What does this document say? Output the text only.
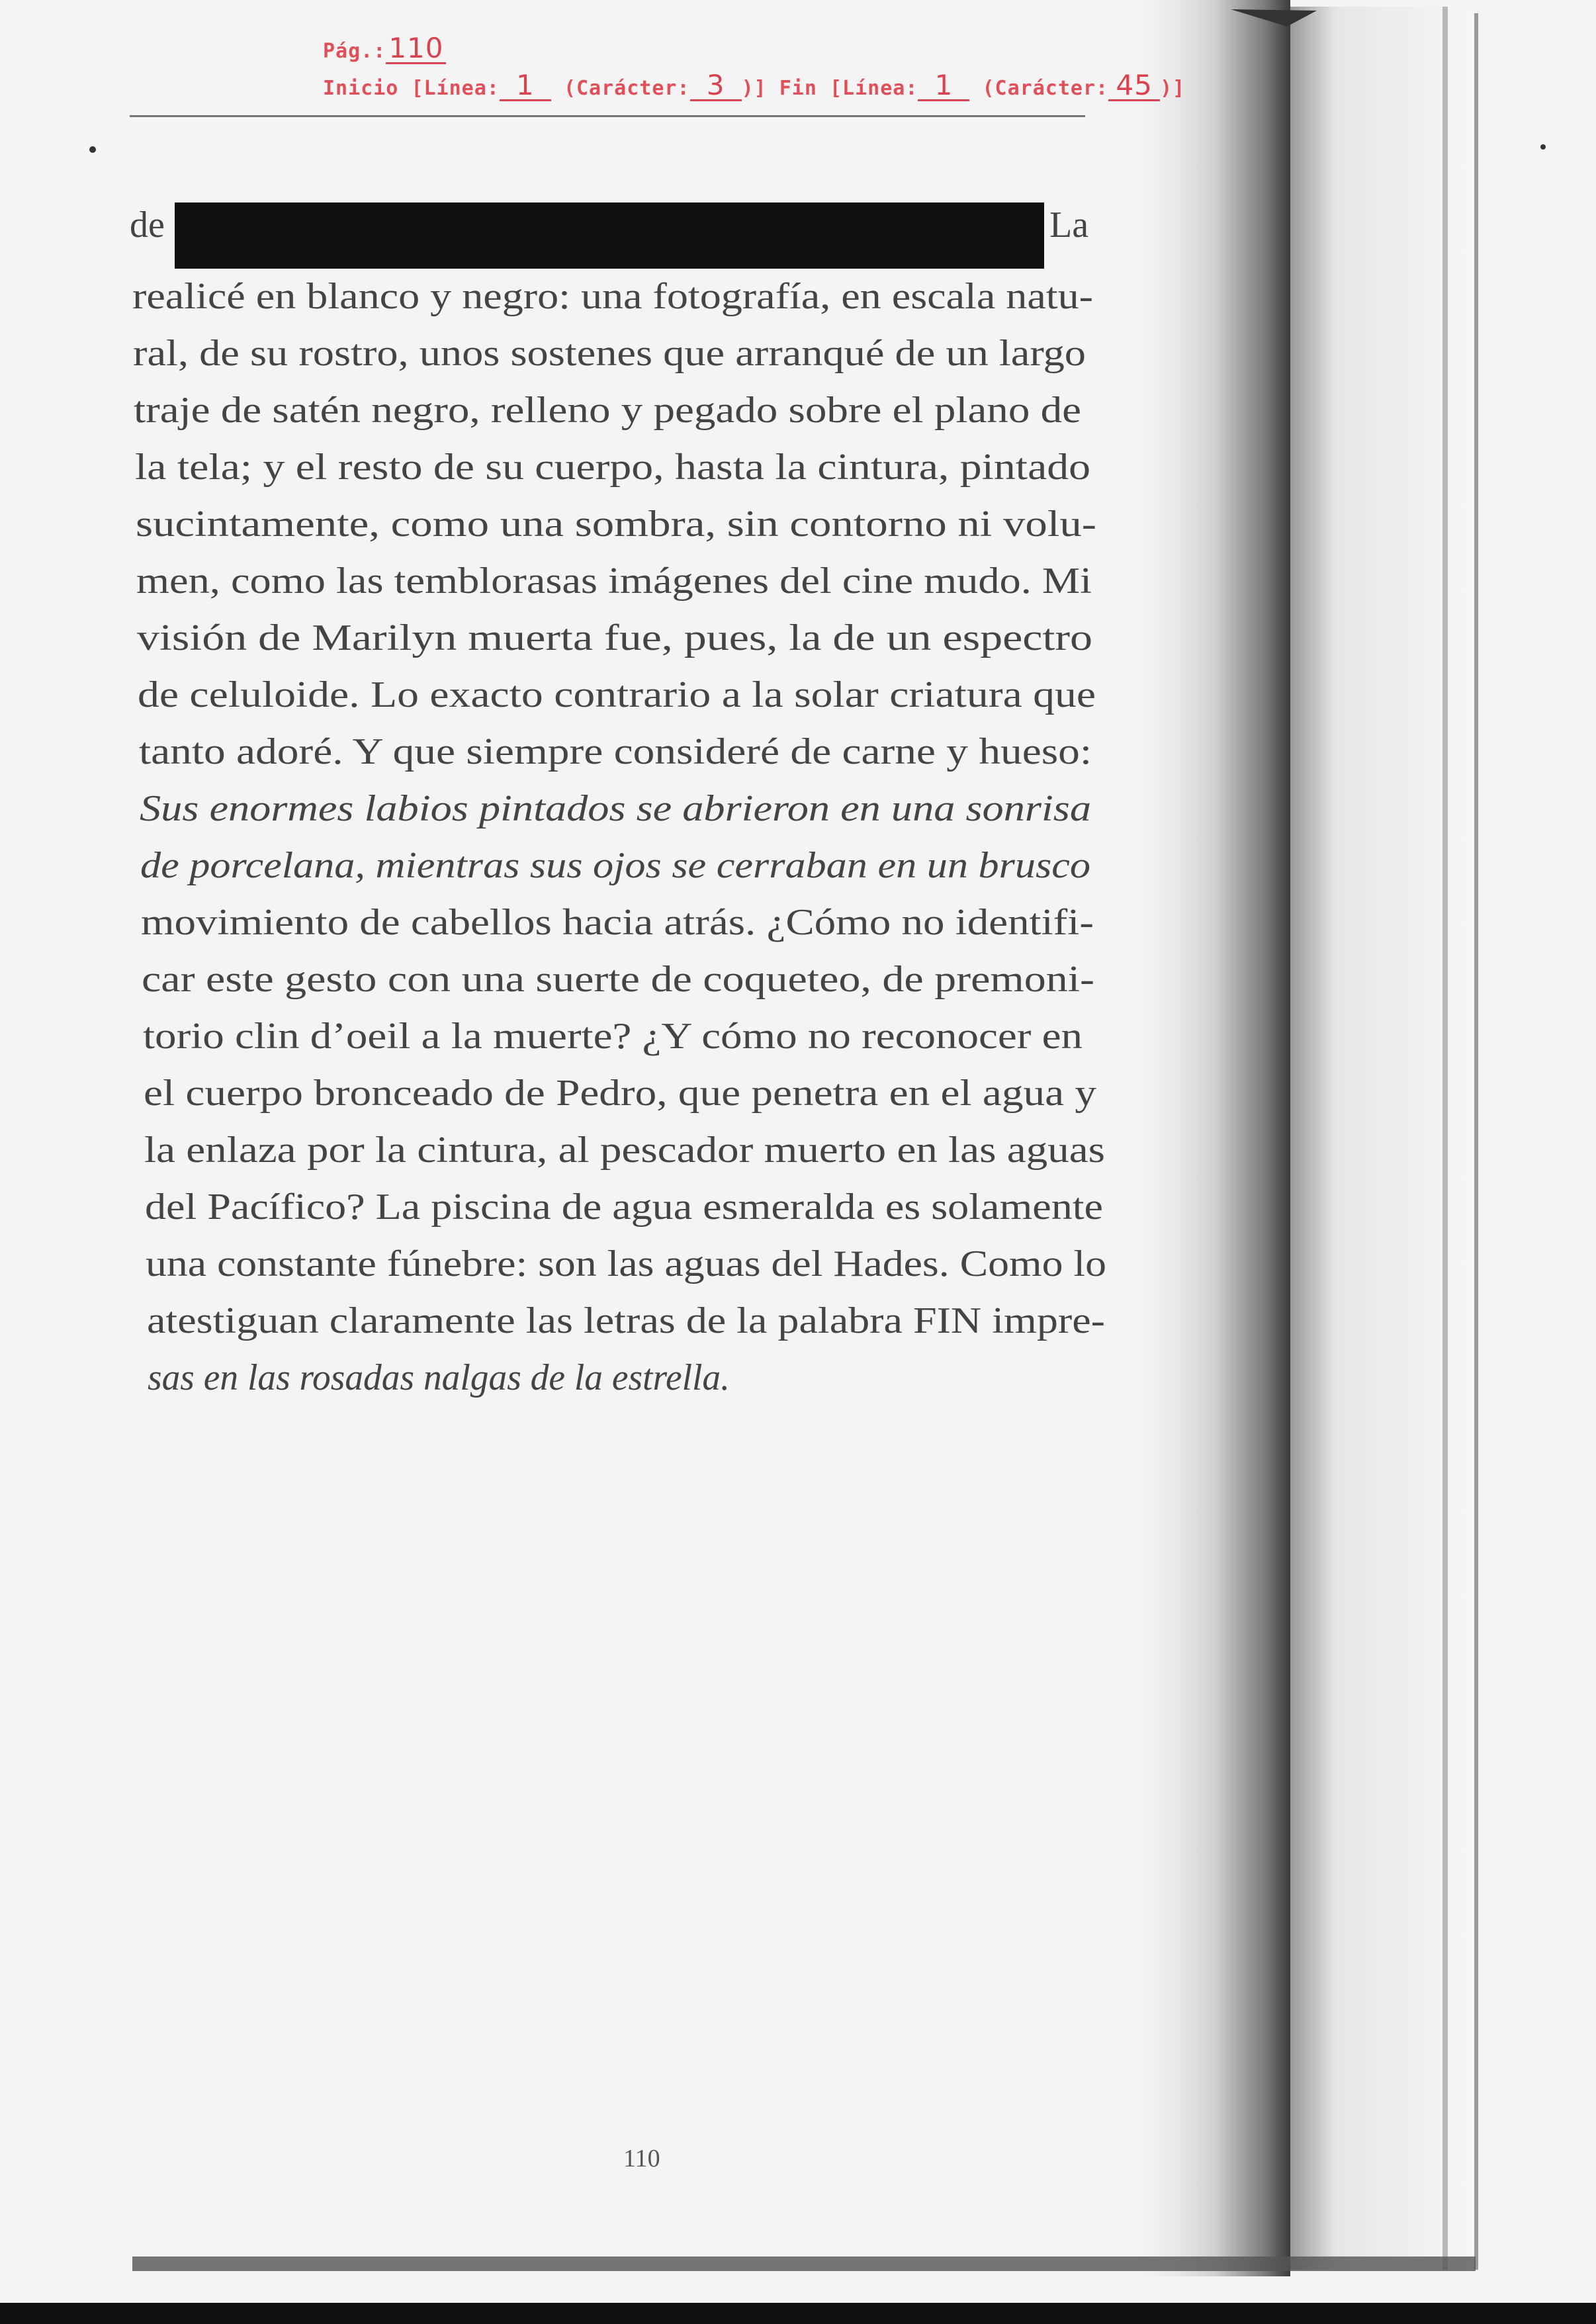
Pág.:110
Inicio [Línea: 1 (Carácter: 3 )] Fin [Línea: 1 (Carácter: 45 )]
de	La
realicé en blanco y negro: una fotografía, en escala natu-
ral, de su rostro, unos sostenes que arranqué de un largo
traje de satén negro, relleno y pegado sobre el plano de
la tela; y el resto de su cuerpo, hasta la cintura, pintado
sucintamente, como una sombra, sin contorno ni volu-
men, como las temblorasas imágenes del cine mudo. Mi
visión de Marilyn muerta fue, pues, la de un espectro
de celuloide. Lo exacto contrario a la solar criatura que
tanto adoré. Y que siempre consideré de carne y hueso:
Sus enormes labios pintados se abrieron en una sonrisa
de porcelana, mientras sus ojos se cerraban en un brusco
movimiento de cabellos hacia atrás. ¿Cómo no identifi-
car este gesto con una suerte de coqueteo, de premoni-
torio clin d’oeil a la muerte? ¿Y cómo no reconocer en
el cuerpo bronceado de Pedro, que penetra en el agua y
la enlaza por la cintura, al pescador muerto en las aguas
del Pacífico? La piscina de agua esmeralda es solamente
una constante fúnebre: son las aguas del Hades. Como lo
atestiguan claramente las letras de la palabra FIN impre-
sas en las rosadas nalgas de la estrella.
110
